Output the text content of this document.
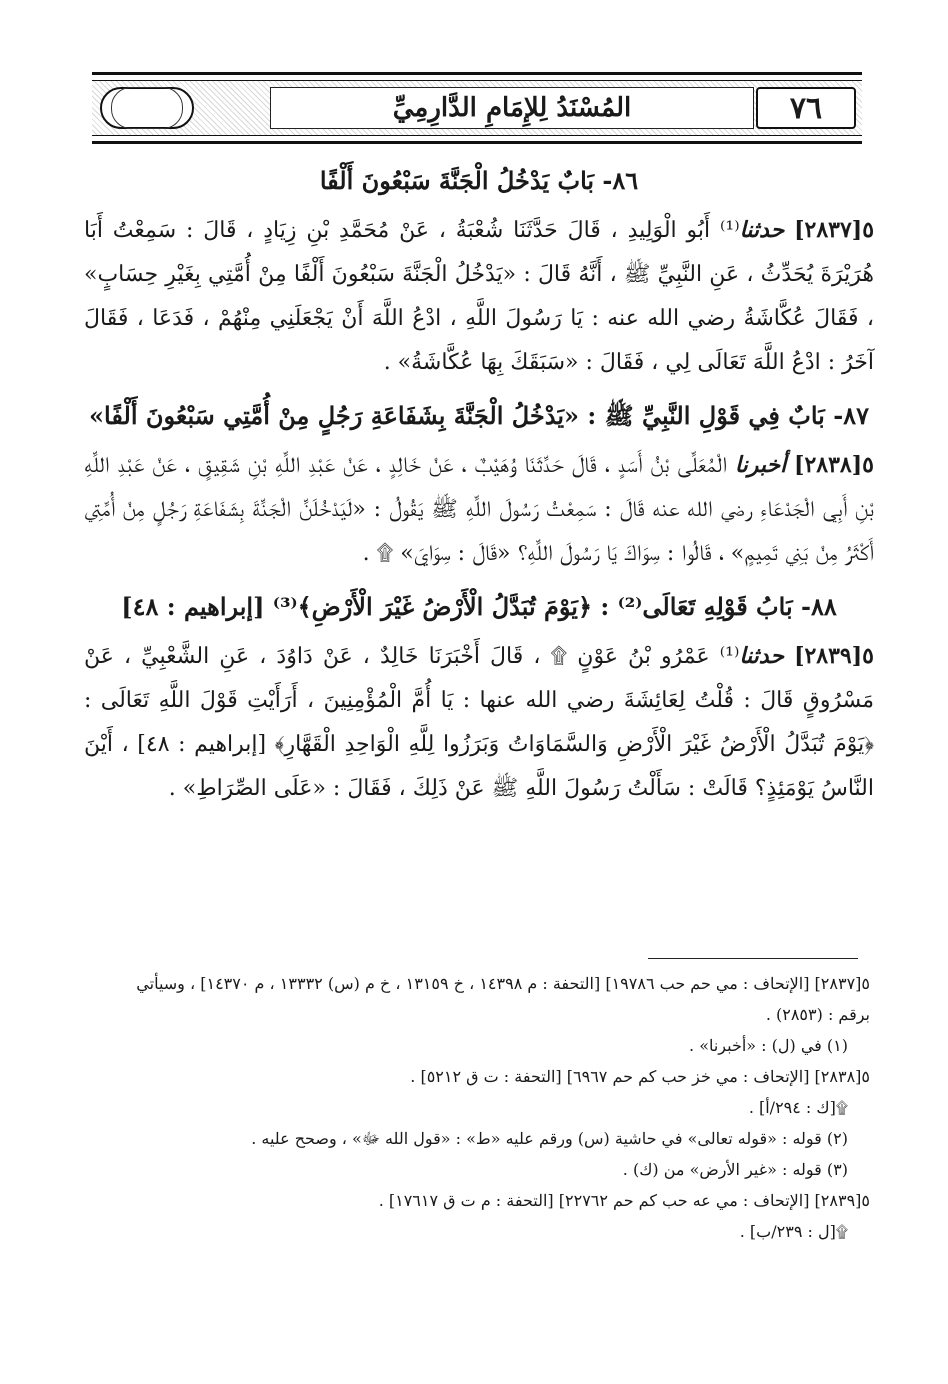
المُسْنَدُ لِلإِمَامِ الدَّارِمِيِّ	٧٦
٨٦- بَابٌ يَدْخُلُ الْجَنَّةَ سَبْعُونَ أَلْفًا

٥[٢٨٣٧] حدثنا⁽¹⁾ أَبُو الْوَلِيدِ ، قَالَ حَدَّثَنَا شُعْبَةُ ، عَنْ مُحَمَّدِ بْنِ زِيَادٍ ، قَالَ : سَمِعْتُ أَبَا هُرَيْرَةَ يُحَدِّثُ ، عَنِ النَّبِيِّ ﷺ ، أَنَّهُ قَالَ : «يَدْخُلُ الْجَنَّةَ سَبْعُونَ أَلْفًا مِنْ أُمَّتِي بِغَيْرِ حِسَابٍ» ، فَقَالَ عُكَّاشَةُ رضي الله عنه : يَا رَسُولَ اللَّهِ ، ادْعُ اللَّهَ أَنْ يَجْعَلَنِي مِنْهُمْ ، فَدَعَا ، فَقَالَ آخَرُ : ادْعُ اللَّهَ تَعَالَى لِي ، فَقَالَ : «سَبَقَكَ بِهَا عُكَّاشَةُ» .

٨٧- بَابٌ فِي قَوْلِ النَّبِيِّ ﷺ : «يَدْخُلُ الْجَنَّةَ بِشَفَاعَةِ رَجُلٍ مِنْ أُمَّتِي سَبْعُونَ أَلْفًا»

٥[٢٨٣٨] أخبرنا الْمُعَلَّى بْنُ أَسَدٍ ، قَالَ حَدَّثَنَا وُهَيْبٌ ، عَنْ خَالِدٍ ، عَنْ عَبْدِ اللَّهِ بْنِ شَقِيقٍ ، عَنْ عَبْدِ اللَّهِ بْنِ أَبِي الْجَدْعَاءِ رضي الله عنه قَالَ : سَمِعْتُ رَسُولَ اللَّهِ ﷺ يَقُولُ : «لَيَدْخُلَنَّ الْجَنَّةَ بِشَفَاعَةِ رَجُلٍ مِنْ أُمَّتِي أَكْثَرُ مِنْ بَنِي تَمِيمٍ» ، قَالُوا : سِوَاكَ يَا رَسُولَ اللَّهِ؟ «قَالَ : سِوَايَ» ۩ .

٨٨- بَابُ قَوْلِهِ تَعَالَى⁽²⁾ : ﴿يَوْمَ تُبَدَّلُ الْأَرْضُ غَيْرَ الْأَرْضِ﴾⁽³⁾ [إبراهيم : ٤٨]

٥[٢٨٣٩] حدثنا⁽¹⁾ عَمْرُو بْنُ عَوْنٍ ۩ ، قَالَ أَخْبَرَنَا خَالِدٌ ، عَنْ دَاوُدَ ، عَنِ الشَّعْبِيِّ ، عَنْ مَسْرُوقٍ قَالَ : قُلْتُ لِعَائِشَةَ رضي الله عنها : يَا أُمَّ الْمُؤْمِنِينَ ، أَرَأَيْتِ قَوْلَ اللَّهِ تَعَالَى : ﴿يَوْمَ تُبَدَّلُ الْأَرْضُ غَيْرَ الْأَرْضِ وَالسَّمَاوَاتُ وَبَرَزُوا لِلَّهِ الْوَاحِدِ الْقَهَّارِ﴾ [إبراهيم : ٤٨] ، أَيْنَ النَّاسُ يَوْمَئِذٍ؟ قَالَتْ : سَأَلْتُ رَسُولَ اللَّهِ ﷺ عَنْ ذَلِكَ ، فَقَالَ : «عَلَى الصِّرَاطِ» .

٥[٢٨٣٧] [الإتحاف : مي حم حب ١٩٧٨٦] [التحفة : م ١٤٣٩٨ ، خ ١٣١٥٩ ، خ م (س) ١٣٣٣٢ ، م ١٤٣٧٠] ، وسيأتي برقم : (٢٨٥٣) .

(١) في (ل) : «أخبرنا» .

٥[٢٨٣٨] [الإتحاف : مي خز حب كم حم ٦٩٦٧] [التحفة : ت ق ٥٢١٢] .

۩[ك : ٢٩٤/أ] .

(٢) قوله : «قوله تعالى» في حاشية (س) ورقم عليه «ط» : «قول الله ﷻ» ، وصحح عليه .

(٣) قوله : «غير الأرض» من (ك) .

٥[٢٨٣٩] [الإتحاف : مي عه حب كم حم ٢٢٧٦٢] [التحفة : م ت ق ١٧٦١٧] .

۩[ل : ٢٣٩/ب] .
